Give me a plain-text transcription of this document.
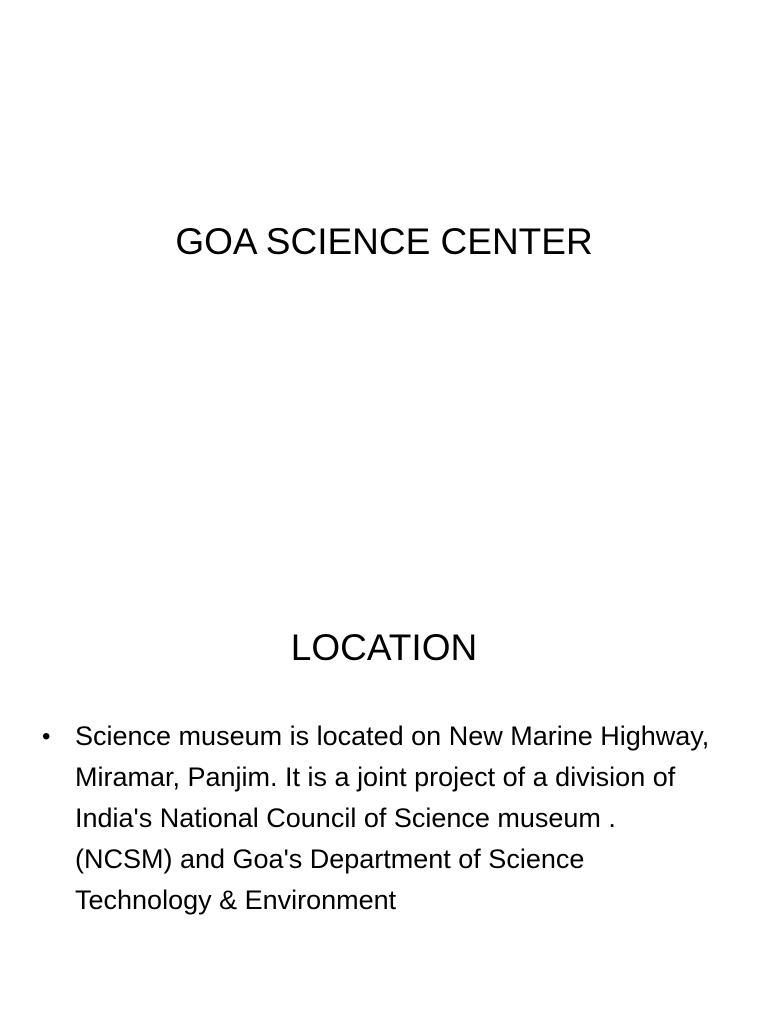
GOA SCIENCE CENTER
LOCATION
• Science museum is located on New Marine Highway, Miramar, Panjim. It is a joint project of a division of India's National Council of Science museum . (NCSM) and Goa's Department of Science Technology & Environment
